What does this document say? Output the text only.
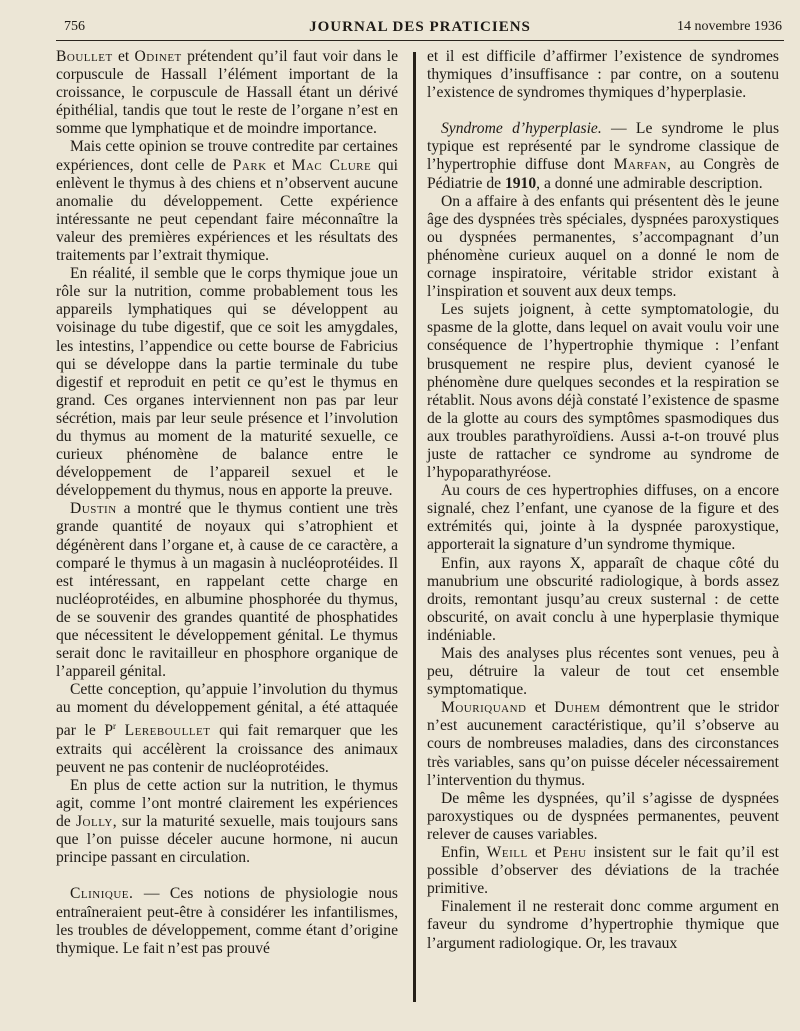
756	JOURNAL DES PRATICIENS	14 novembre 1936

Boullet et Odinet prétendent qu’il faut voir dans le corpuscule de Hassall l’élément important de la croissance, le corpuscule de Hassall étant un dérivé épithélial, tandis que tout le reste de l’organe n’est en somme que lymphatique et de moindre importance.

Mais cette opinion se trouve contredite par certaines expériences, dont celle de Park et Mac Clure qui enlèvent le thymus à des chiens et n’observent aucune anomalie du développement. Cette expérience intéressante ne peut cependant faire méconnaître la valeur des premières expériences et les résultats des traitements par l’extrait thymique.

En réalité, il semble que le corps thymique joue un rôle sur la nutrition, comme probablement tous les appareils lymphatiques qui se développent au voisinage du tube digestif, que ce soit les amygdales, les intestins, l’appendice ou cette bourse de Fabricius qui se développe dans la partie terminale du tube digestif et reproduit en petit ce qu’est le thymus en grand. Ces organes interviennent non pas par leur sécrétion, mais par leur seule présence et l’involution du thymus au moment de la maturité sexuelle, ce curieux phénomène de balance entre le développement de l’appareil sexuel et le développement du thymus, nous en apporte la preuve.

Dustin a montré que le thymus contient une très grande quantité de noyaux qui s’atrophient et dégénèrent dans l’organe et, à cause de ce caractère, a comparé le thymus à un magasin à nucléoprotéides. Il est intéressant, en rappelant cette charge en nucléoprotéides, en albumine phosphorée du thymus, de se souvenir des grandes quantité de phosphatides que nécessitent le développement génital. Le thymus serait donc le ravitailleur en phosphore organique de l’appareil génital.

Cette conception, qu’appuie l’involution du thymus au moment du développement génital, a été attaquée par le $P^r$ Lereboullet qui fait remarquer que les extraits qui accélèrent la croissance des animaux peuvent ne pas contenir de nucléoprotéides.

En plus de cette action sur la nutrition, le thymus agit, comme l’ont montré clairement les expériences de Jolly, sur la maturité sexuelle, mais toujours sans que l’on puisse déceler aucune hormone, ni aucun principe passant en circulation.

Clinique. — Ces notions de physiologie nous entraîneraient peut-être à considérer les infantilismes, les troubles de développement, comme étant d’origine thymique. Le fait n’est pas prouvé

et il est difficile d’affirmer l’existence de syndromes thymiques d’insuffisance : par contre, on a soutenu l’existence de syndromes thymiques d’hyperplasie.

Syndrome d’hyperplasie. — Le syndrome le plus typique est représenté par le syndrome classique de l’hypertrophie diffuse dont Marfan, au Congrès de Pédiatrie de 1910, a donné une admirable description.

On a affaire à des enfants qui présentent dès le jeune âge des dyspnées très spéciales, dyspnées paroxystiques ou dyspnées permanentes, s’accompagnant d’un phénomène curieux auquel on a donné le nom de cornage inspiratoire, véritable stridor existant à l’inspiration et souvent aux deux temps.

Les sujets joignent, à cette symptomatologie, du spasme de la glotte, dans lequel on avait voulu voir une conséquence de l’hypertrophie thymique : l’enfant brusquement ne respire plus, devient cyanosé le phénomène dure quelques secondes et la respiration se rétablit. Nous avons déjà constaté l’existence de spasme de la glotte au cours des symptômes spasmodiques dus aux troubles parathyroïdiens. Aussi a-t-on trouvé plus juste de rattacher ce syndrome au syndrome de l’hypoparathyréose.

Au cours de ces hypertrophies diffuses, on a encore signalé, chez l’enfant, une cyanose de la figure et des extrémités qui, jointe à la dyspnée paroxystique, apporterait la signature d’un syndrome thymique.

Enfin, aux rayons X, apparaît de chaque côté du manubrium une obscurité radiologique, à bords assez droits, remontant jusqu’au creux susternal : de cette obscurité, on avait conclu à une hyperplasie thymique indéniable.

Mais des analyses plus récentes sont venues, peu à peu, détruire la valeur de tout cet ensemble symptomatique.

Mouriquand et Duhem démontrent que le stridor n’est aucunement caractéristique, qu’il s’observe au cours de nombreuses maladies, dans des circonstances très variables, sans qu’on puisse déceler nécessairement l’intervention du thymus.

De même les dyspnées, qu’il s’agisse de dyspnées paroxystiques ou de dyspnées permanentes, peuvent relever de causes variables.

Enfin, Weill et Pehu insistent sur le fait qu’il est possible d’observer des déviations de la trachée primitive.

Finalement il ne resterait donc comme argument en faveur du syndrome d’hypertrophie thymique que l’argument radiologique. Or, les travaux
